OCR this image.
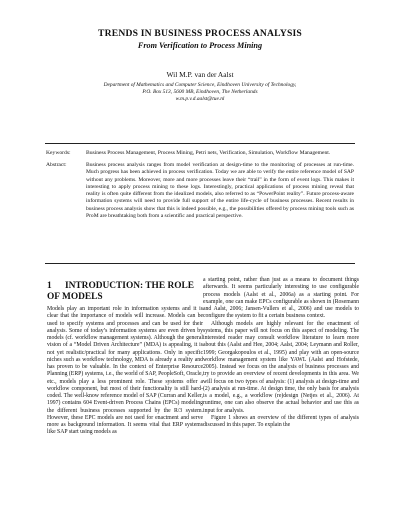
TRENDS IN BUSINESS PROCESS ANALYSIS
From Verification to Process Mining
Wil M.P. van der Aalst
Department of Mathematics and Computer Science, Eindhoven University of Technology,
P.O. Box 513, 5600 MB, Eindhoven, The Netherlands
w.m.p.v.d.aalst@tue.nl
Keywords:	Business Process Management, Process Mining, Petri nets, Verification, Simulation, Workflow Management.
Abstract:	Business process analysis ranges from model verification at design-time to the monitoring of processes at run-time. Much progress has been achieved in process verification. Today we are able to verify the entire reference model of SAP without any problems. Moreover, more and more processes leave their “trail” in the form of event logs. This makes it interesting to apply process mining to these logs. Interestingly, practical applications of process mining reveal that reality is often quite different from the idealized models, also referred to as “PowerPoint reality”. Future process-aware information systems will need to provide full support of the entire life-cycle of business processes. Recent results in business process analysis show that this is indeed possible, e.g., the possibilities offered by process mining tools such as ProM are breathtaking both from a scientific and practical perspective.
1 INTRODUCTION: THE ROLE OF MODELS

Models play an important role in information systems and it is clear that the importance of models will increase. Models can be used to specify systems and processes and can be used for their analysis. Some of today’s information systems are even driven by models (cf. workflow management systems). Although the general vision of a “Model Driven Architecture” (MDA) is appealing, it is not yet realistic/practical for many applications. Only in specific niches such as workflow technology, MDA is already a reality and has proven to be valuable. In the context of Enterprise Resource Planning (ERP) systems, i.e., the world of SAP, PeopleSoft, Oracle, etc., models play a less prominent role. These systems offer a workflow component, but most of their functionality is still hard-coded. The well-know reference model of SAP (Curran and Keller, 1997) contains 604 Event-driven Process Chains (EPCs) modeling the different business processes supported by the R/3 system. However, these EPC models are not used for enactment and serve more as background information. It seems vital that ERP systems like SAP start using models as

a starting point, rather than just as a means to document things afterwards. It seems particularly interesting to use configurable process models (Aalst et al., 2006a) as a starting point. For example, one can make EPCs configurable as shown in (Rosemann and Aalst, 2006; Jansen-Vullers et al., 2006) and use models to configure the system to fit a certain business context.

Although models are highly relevant for the enactment of systems, this paper will not focus on this aspect of modeling. The interested reader may consult workflow literature to learn more about this (Aalst and Hee, 2004; Aalst, 2004; Leymann and Roller, 1999; Georgakopoulos et al., 1995) and play with an open-source workflow management system like YAWL (Aalst and Hofstede, 2005). Instead we focus on the analysis of business processes and try to provide an overview of recent developments in this area. We will focus on two types of analysis: (1) analysis at design-time and (2) analysis at run-time. At design time, the only basis for analysis is a model, e.g., a workflow (re)design (Netjes et al., 2006). At runtime, one can also observe the actual behavior and use this as input for analysis.

Figure 1 shows an overview of the different types of analysis discussed in this paper. To explain the
